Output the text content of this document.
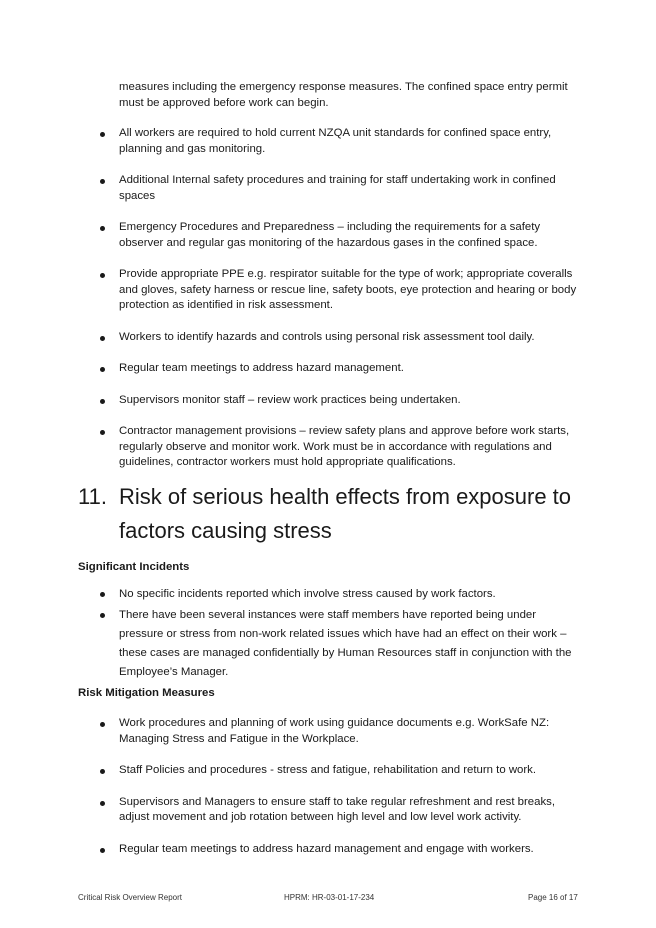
measures including the emergency response measures. The confined space entry permit must be approved before work can begin.

All workers are required to hold current NZQA unit standards for confined space entry, planning and gas monitoring.
Additional Internal safety procedures and training for staff undertaking work in confined spaces
Emergency Procedures and Preparedness – including the requirements for a safety observer and regular gas monitoring of the hazardous gases in the confined space.
Provide appropriate PPE e.g. respirator suitable for the type of work; appropriate coveralls and gloves, safety harness or rescue line, safety boots, eye protection and hearing or body protection as identified in risk assessment.
Workers to identify hazards and controls using personal risk assessment tool daily.
Regular team meetings to address hazard management.
Supervisors monitor staff – review work practices being undertaken.
Contractor management provisions – review safety plans and approve before work starts, regularly observe and monitor work. Work must be in accordance with regulations and guidelines, contractor workers must hold appropriate qualifications.
11. Risk of serious health effects from exposure to factors causing stress

Significant Incidents

No specific incidents reported which involve stress caused by work factors.
There have been several instances were staff members have reported being under pressure or stress from non-work related issues which have had an effect on their work – these cases are managed confidentially by Human Resources staff in conjunction with the Employee’s Manager.

Risk Mitigation Measures

Work procedures and planning of work using guidance documents e.g. WorkSafe NZ: Managing Stress and Fatigue in the Workplace.
Staff Policies and procedures - stress and fatigue, rehabilitation and return to work.
Supervisors and Managers to ensure staff to take regular refreshment and rest breaks, adjust movement and job rotation between high level and low level work activity.
Regular team meetings to address hazard management and engage with workers.
Critical Risk Overview Report	HPRM: HR-03-01-17-234	Page 16 of 17
